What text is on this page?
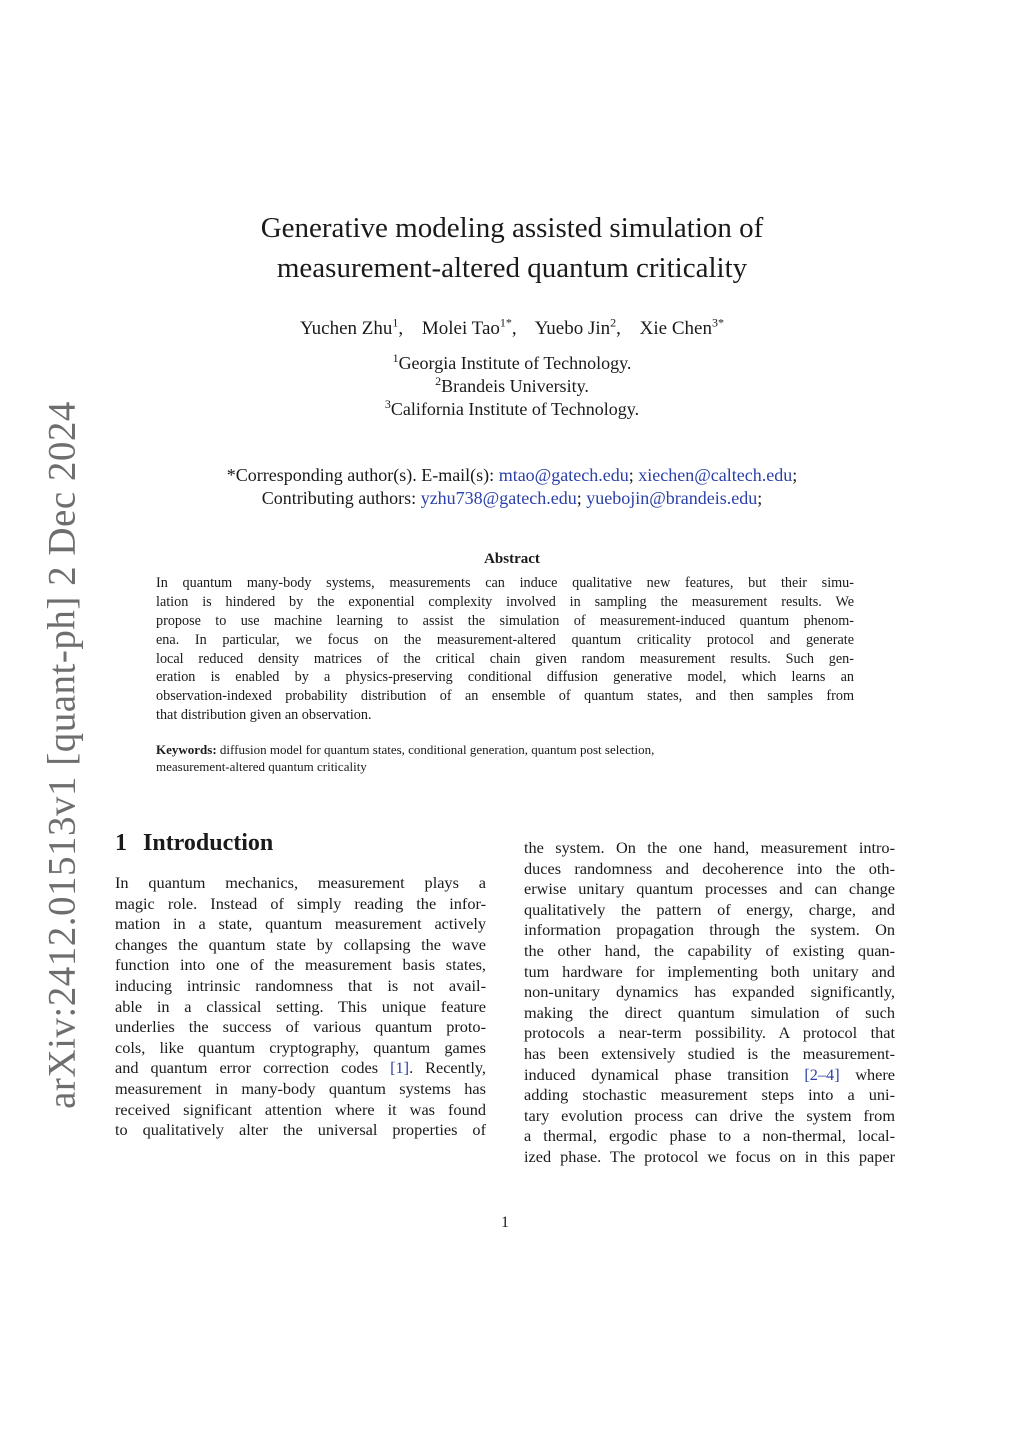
arXiv:2412.01513v1 [quant-ph] 2 Dec 2024
Generative modeling assisted simulation of
measurement-altered quantum criticality
Yuchen Zhu$^1$, Molei Tao$^{1*}$, Yuebo Jin$^2$, Xie Chen$^{3*}$
$^1$Georgia Institute of Technology.
$^2$Brandeis University.
$^3$California Institute of Technology.
*Corresponding author(s). E-mail(s): mtao@gatech.edu; xiechen@caltech.edu;
Contributing authors: yzhu738@gatech.edu; yuebojin@brandeis.edu;
Abstract
In quantum many-body systems, measurements can induce qualitative new features, but their simu-
lation is hindered by the exponential complexity involved in sampling the measurement results. We
propose to use machine learning to assist the simulation of measurement-induced quantum phenom-
ena. In particular, we focus on the measurement-altered quantum criticality protocol and generate
local reduced density matrices of the critical chain given random measurement results. Such gen-
eration is enabled by a physics-preserving conditional diffusion generative model, which learns an
observation-indexed probability distribution of an ensemble of quantum states, and then samples from
that distribution given an observation.
Keywords: diffusion model for quantum states, conditional generation, quantum post selection,
measurement-altered quantum criticality
1 Introduction
In quantum mechanics, measurement plays a
magic role. Instead of simply reading the infor-
mation in a state, quantum measurement actively
changes the quantum state by collapsing the wave
function into one of the measurement basis states,
inducing intrinsic randomness that is not avail-
able in a classical setting. This unique feature
underlies the success of various quantum proto-
cols, like quantum cryptography, quantum games
and quantum error correction codes [1]. Recently,
measurement in many-body quantum systems has
received significant attention where it was found
to qualitatively alter the universal properties of
the system. On the one hand, measurement intro-
duces randomness and decoherence into the oth-
erwise unitary quantum processes and can change
qualitatively the pattern of energy, charge, and
information propagation through the system. On
the other hand, the capability of existing quan-
tum hardware for implementing both unitary and
non-unitary dynamics has expanded significantly,
making the direct quantum simulation of such
protocols a near-term possibility. A protocol that
has been extensively studied is the measurement-
induced dynamical phase transition [2–4] where
adding stochastic measurement steps into a uni-
tary evolution process can drive the system from
a thermal, ergodic phase to a non-thermal, local-
ized phase. The protocol we focus on in this paper
1
